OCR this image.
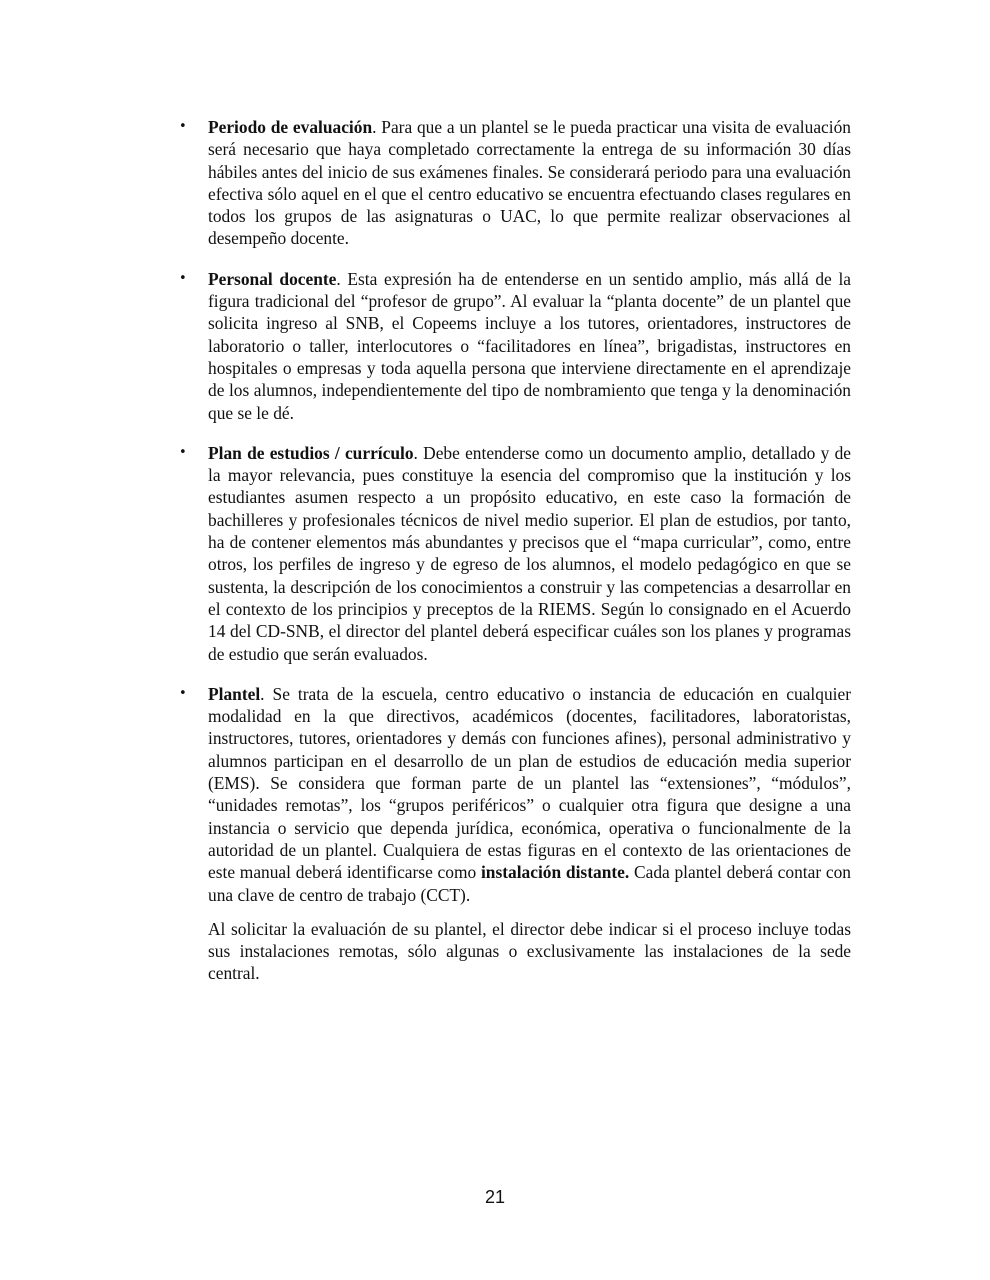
• Periodo de evaluación. Para que a un plantel se le pueda practicar una visita de evaluación será necesario que haya completado correctamente la entrega de su información 30 días hábiles antes del inicio de sus exámenes finales. Se considerará periodo para una evaluación efectiva sólo aquel en el que el centro educativo se encuentra efectuando clases regulares en todos los grupos de las asignaturas o UAC, lo que permite realizar observaciones al desempeño docente.

• Personal docente. Esta expresión ha de entenderse en un sentido amplio, más allá de la figura tradicional del “profesor de grupo”. Al evaluar la “planta docente” de un plantel que solicita ingreso al SNB, el Copeems incluye a los tutores, orientadores, instructores de laboratorio o taller, interlocutores o “facilitadores en línea”, brigadistas, instructores en hospitales o empresas y toda aquella persona que interviene directamente en el aprendizaje de los alumnos, independientemente del tipo de nombramiento que tenga y la denominación que se le dé.

• Plan de estudios / currículo. Debe entenderse como un documento amplio, detallado y de la mayor relevancia, pues constituye la esencia del compromiso que la institución y los estudiantes asumen respecto a un propósito educativo, en este caso la formación de bachilleres y profesionales técnicos de nivel medio superior. El plan de estudios, por tanto, ha de contener elementos más abundantes y precisos que el “mapa curricular”, como, entre otros, los perfiles de ingreso y de egreso de los alumnos, el modelo pedagógico en que se sustenta, la descripción de los conocimientos a construir y las competencias a desarrollar en el contexto de los principios y preceptos de la RIEMS. Según lo consignado en el Acuerdo 14 del CD-SNB, el director del plantel deberá especificar cuáles son los planes y programas de estudio que serán evaluados.

• Plantel. Se trata de la escuela, centro educativo o instancia de educación en cualquier modalidad en la que directivos, académicos (docentes, facilitadores, laboratoristas, instructores, tutores, orientadores y demás con funciones afines), personal administrativo y alumnos participan en el desarrollo de un plan de estudios de educación media superior (EMS). Se considera que forman parte de un plantel las “extensiones”, “módulos”, “unidades remotas”, los “grupos periféricos” o cualquier otra figura que designe a una instancia o servicio que dependa jurídica, económica, operativa o funcionalmente de la autoridad de un plantel. Cualquiera de estas figuras en el contexto de las orientaciones de este manual deberá identificarse como instalación distante. Cada plantel deberá contar con una clave de centro de trabajo (CCT).

Al solicitar la evaluación de su plantel, el director debe indicar si el proceso incluye todas sus instalaciones remotas, sólo algunas o exclusivamente las instalaciones de la sede central.

21
